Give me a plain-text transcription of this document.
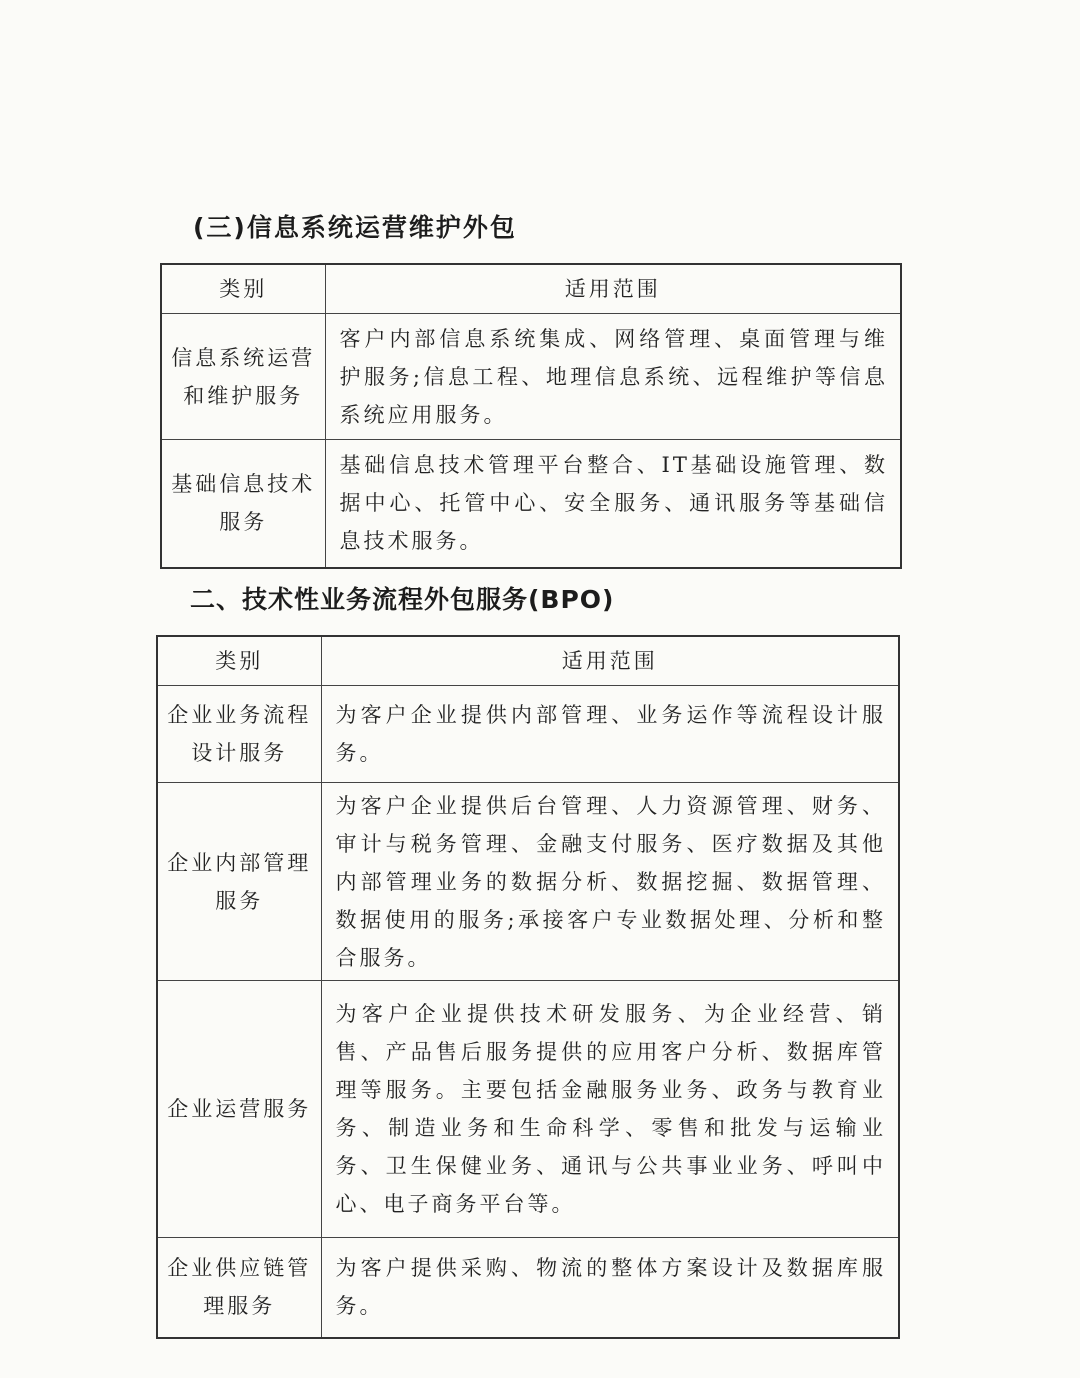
(三)信息系统运营维护外包
类别	适用范围
信息系统运营和维护服务	客户内部信息系统集成、网络管理、桌面管理与维护服务;信息工程、地理信息系统、远程维护等信息系统应用服务。
基础信息技术服务	基础信息技术管理平台整合、IT基础设施管理、数据中心、托管中心、安全服务、通讯服务等基础信息技术服务。
二、技术性业务流程外包服务(BPO)
类别	适用范围
企业业务流程设计服务	为客户企业提供内部管理、业务运作等流程设计服务。
企业内部管理服务	为客户企业提供后台管理、人力资源管理、财务、审计与税务管理、金融支付服务、医疗数据及其他内部管理业务的数据分析、数据挖掘、数据管理、数据使用的服务;承接客户专业数据处理、分析和整合服务。
企业运营服务	为客户企业提供技术研发服务、为企业经营、销售、产品售后服务提供的应用客户分析、数据库管理等服务。主要包括金融服务业务、政务与教育业务、制造业务和生命科学、零售和批发与运输业务、卫生保健业务、通讯与公共事业业务、呼叫中心、电子商务平台等。
企业供应链管理服务	为客户提供采购、物流的整体方案设计及数据库服务。
